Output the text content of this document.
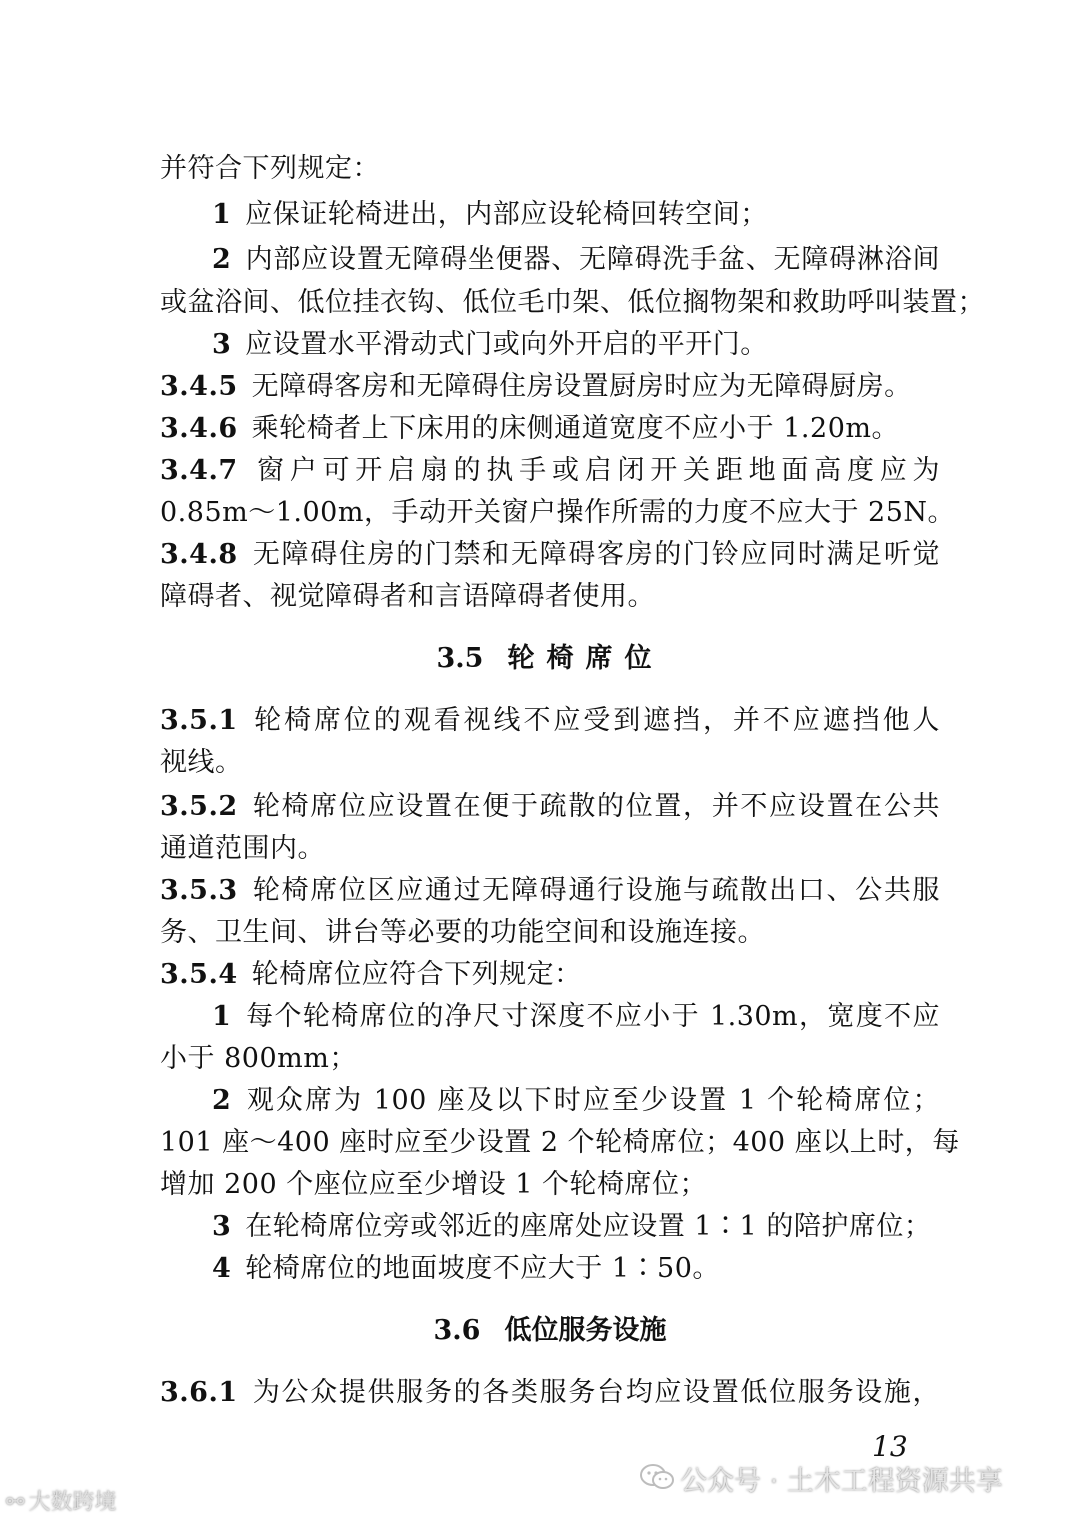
并符合下列规定：
1 应保证轮椅进出，内部应设轮椅回转空间；
2 内部应设置无障碍坐便器、无障碍洗手盆、无障碍淋浴间
或盆浴间、低位挂衣钩、低位毛巾架、低位搁物架和救助呼叫装置；
3 应设置水平滑动式门或向外开启的平开门。
3.4.5 无障碍客房和无障碍住房设置厨房时应为无障碍厨房。
3.4.6 乘轮椅者上下床用的床侧通道宽度不应小于 1.20m。
3.4.7 窗户可开启扇的执手或启闭开关距地面高度应为
0.85m～1.00m，手动开关窗户操作所需的力度不应大于 25N。
3.4.8 无障碍住房的门禁和无障碍客房的门铃应同时满足听觉
障碍者、视觉障碍者和言语障碍者使用。
3.5 轮椅席位
3.5.1 轮椅席位的观看视线不应受到遮挡，并不应遮挡他人
视线。
3.5.2 轮椅席位应设置在便于疏散的位置，并不应设置在公共
通道范围内。
3.5.3 轮椅席位区应通过无障碍通行设施与疏散出口、公共服
务、卫生间、讲台等必要的功能空间和设施连接。
3.5.4 轮椅席位应符合下列规定：
1 每个轮椅席位的净尺寸深度不应小于 1.30m，宽度不应
小于 800mm；
2 观众席为 100 座及以下时应至少设置 1 个轮椅席位；
101 座～400 座时应至少设置 2 个轮椅席位；400 座以上时，每
增加 200 个座位应至少增设 1 个轮椅席位；
3 在轮椅席位旁或邻近的座席处应设置 1∶1 的陪护席位；
4 轮椅席位的地面坡度不应大于 1∶50。
3.6 低位服务设施
3.6.1 为公众提供服务的各类服务台均应设置低位服务设施，
13
⚯ 大数跨境
公众号 · 土木工程资源共享
